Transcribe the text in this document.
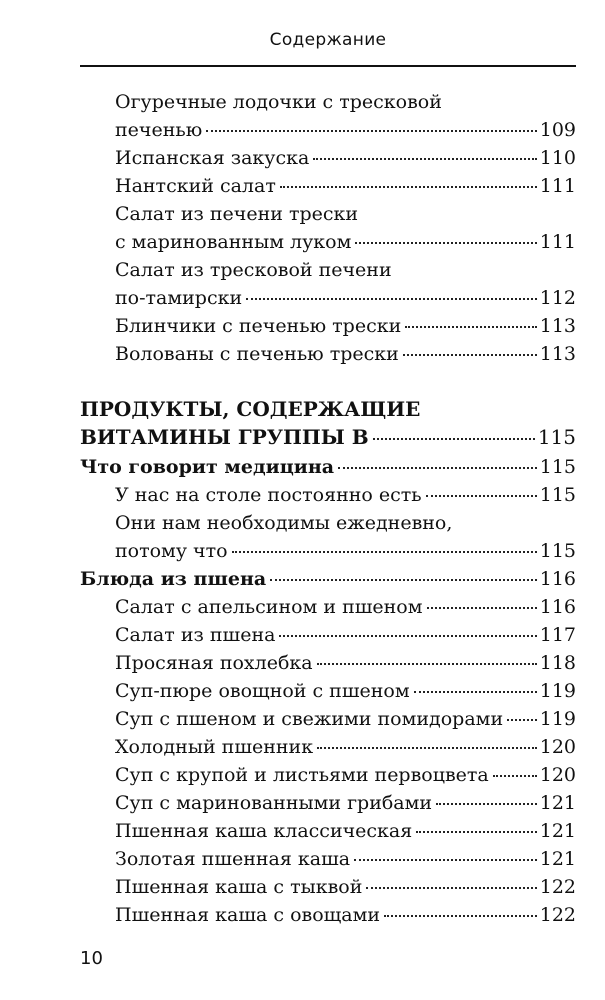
Содержание
Огуречные лодочки с тресковой
печенью	109
Испанская закуска	110
Нантский салат	111
Салат из печени трески
с маринованным луком	111
Салат из тресковой печени
по-тамирски	112
Блинчики с печенью трески	113
Волованы с печенью трески	113
ПРОДУКТЫ, СОДЕРЖАЩИЕ
ВИТАМИНЫ ГРУППЫ В	115
Что говорит медицина	115
У нас на столе постоянно есть	115
Они нам необходимы ежедневно,
потому что	115
Блюда из пшена	116
Салат с апельсином и пшеном	116
Салат из пшена	117
Просяная похлебка	118
Суп-пюре овощной с пшеном	119
Суп с пшеном и свежими помидорами 119
Холодный пшенник	120
Суп с крупой и листьями первоцвета	120
Суп с маринованными грибами	121
Пшенная каша классическая	121
Золотая пшенная каша	121
Пшенная каша с тыквой	122
Пшенная каша с овощами	122
10
